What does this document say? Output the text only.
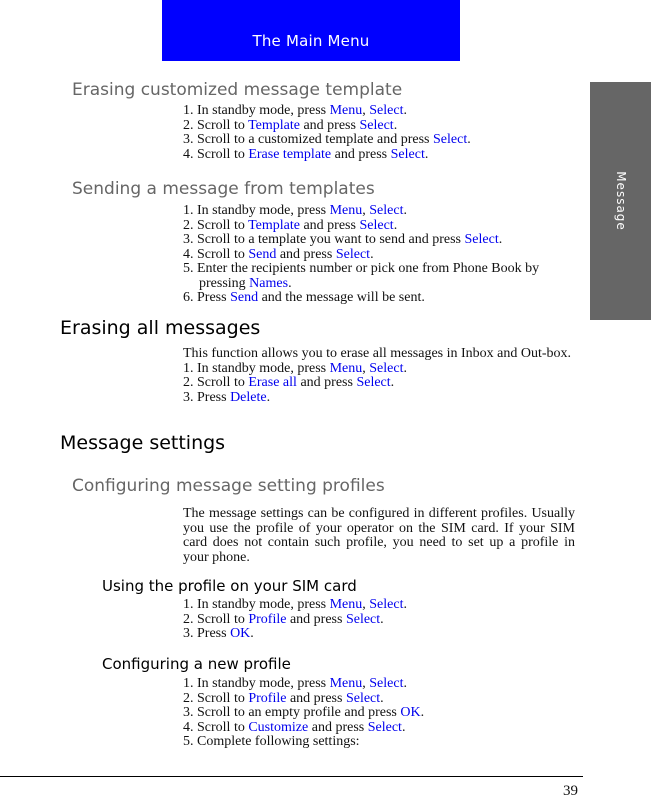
The Main Menu
Message
Erasing customized message template

1. In standby mode, press Menu, Select.

2. Scroll to Template and press Select.

3. Scroll to a customized template and press Select.

4. Scroll to Erase template and press Select.

Sending a message from templates

1. In standby mode, press Menu, Select.

2. Scroll to Template and press Select.

3. Scroll to a template you want to send and press Select.

4. Scroll to Send and press Select.

5. Enter the recipients number or pick one from Phone Book by pressing Names.

6. Press Send and the message will be sent.

Erasing all messages

This function allows you to erase all messages in Inbox and Out-box.

1. In standby mode, press Menu, Select.

2. Scroll to Erase all and press Select.

3. Press Delete.

Message settings
Configuring message setting profiles

The message settings can be configured in different profiles. Usually you use the profile of your operator on the SIM card. If your SIM card does not contain such profile, you need to set up a profile in your phone.

Using the profile on your SIM card

1. In standby mode, press Menu, Select.

2. Scroll to Profile and press Select.

3. Press OK.

Configuring a new profile

1. In standby mode, press Menu, Select.

2. Scroll to Profile and press Select.

3. Scroll to an empty profile and press OK.

4. Scroll to Customize and press Select.

5. Complete following settings:

39
